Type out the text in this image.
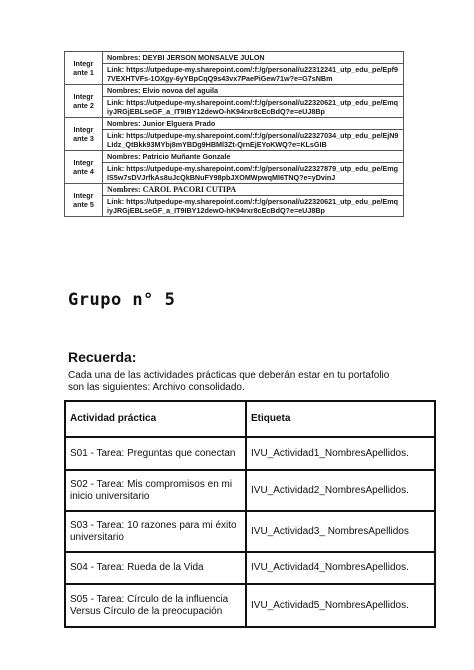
Integr ante 1	Nombres: DEYBI JERSON MONSALVE JULON
	Link: https://utpedupe-my.sharepoint.com/:f:/g/personal/u22312241_utp_edu_pe/Epf97VEXHTVFs-1OXgy-6yYBpCqQ9s43vx7PaePiGew71w?e=G7sNBm
Integr ante 2	Nombres: Elvio novoa del aguila
	Link: https://utpedupe-my.sharepoint.com/:f:/g/personal/u22320621_utp_edu_pe/EmqiyJRGjEBLseGF_a_IT9IBY12dewO-hK94rxr8cEcBdQ?e=eUJ8Bp
Integr ante 3	Nombres: Junior Elguera Prado
	Link: https://utpedupe-my.sharepoint.com/:f:/g/personal/u22327034_utp_edu_pe/EjN9LIdz_QtBkk93MYbj8mYBDg9HBMl3Zt-QrnEjEYoKWQ?e=KLsGIB
Integr ante 4	Nombres: Patricio Muñante Gonzale
	Link: https://utpedupe-my.sharepoint.com/:f:/g/personal/u22327879_utp_edu_pe/EmgIS5w7sDVJrfkAs8uJcQkBNuFY98pbJXOMWpwqMI6TNQ?e=yDvinJ
Integr ante 5	Nombres: CAROL PACORI CUTIPA
	Link: https://utpedupe-my.sharepoint.com/:f:/g/personal/u22320621_utp_edu_pe/EmqiyJRGjEBLseGF_a_IT9IBY12dewO-hK94rxr8cEcBdQ?e=eUJ8Bp
Grupo n° 5
Recuerda:
Cada una de las actividades prácticas que deberán estar en tu portafolio son las siguientes: Archivo consolidado.
Actividad práctica	Etiqueta
S01 - Tarea: Preguntas que conectan	IVU_Actividad1_NombresApellidos.
S02 - Tarea: Mis compromisos en mi inicio universitario	IVU_Actividad2_NombresApellidos.
S03 - Tarea: 10 razones para mi éxito universitario	IVU_Actividad3_ NombresApellidos
S04 - Tarea: Rueda de la Vida	IVU_Actividad4_NombresApellidos.
S05 - Tarea: Círculo de la influencia Versus Círculo de la preocupación	IVU_Actividad5_NombresApellidos.
